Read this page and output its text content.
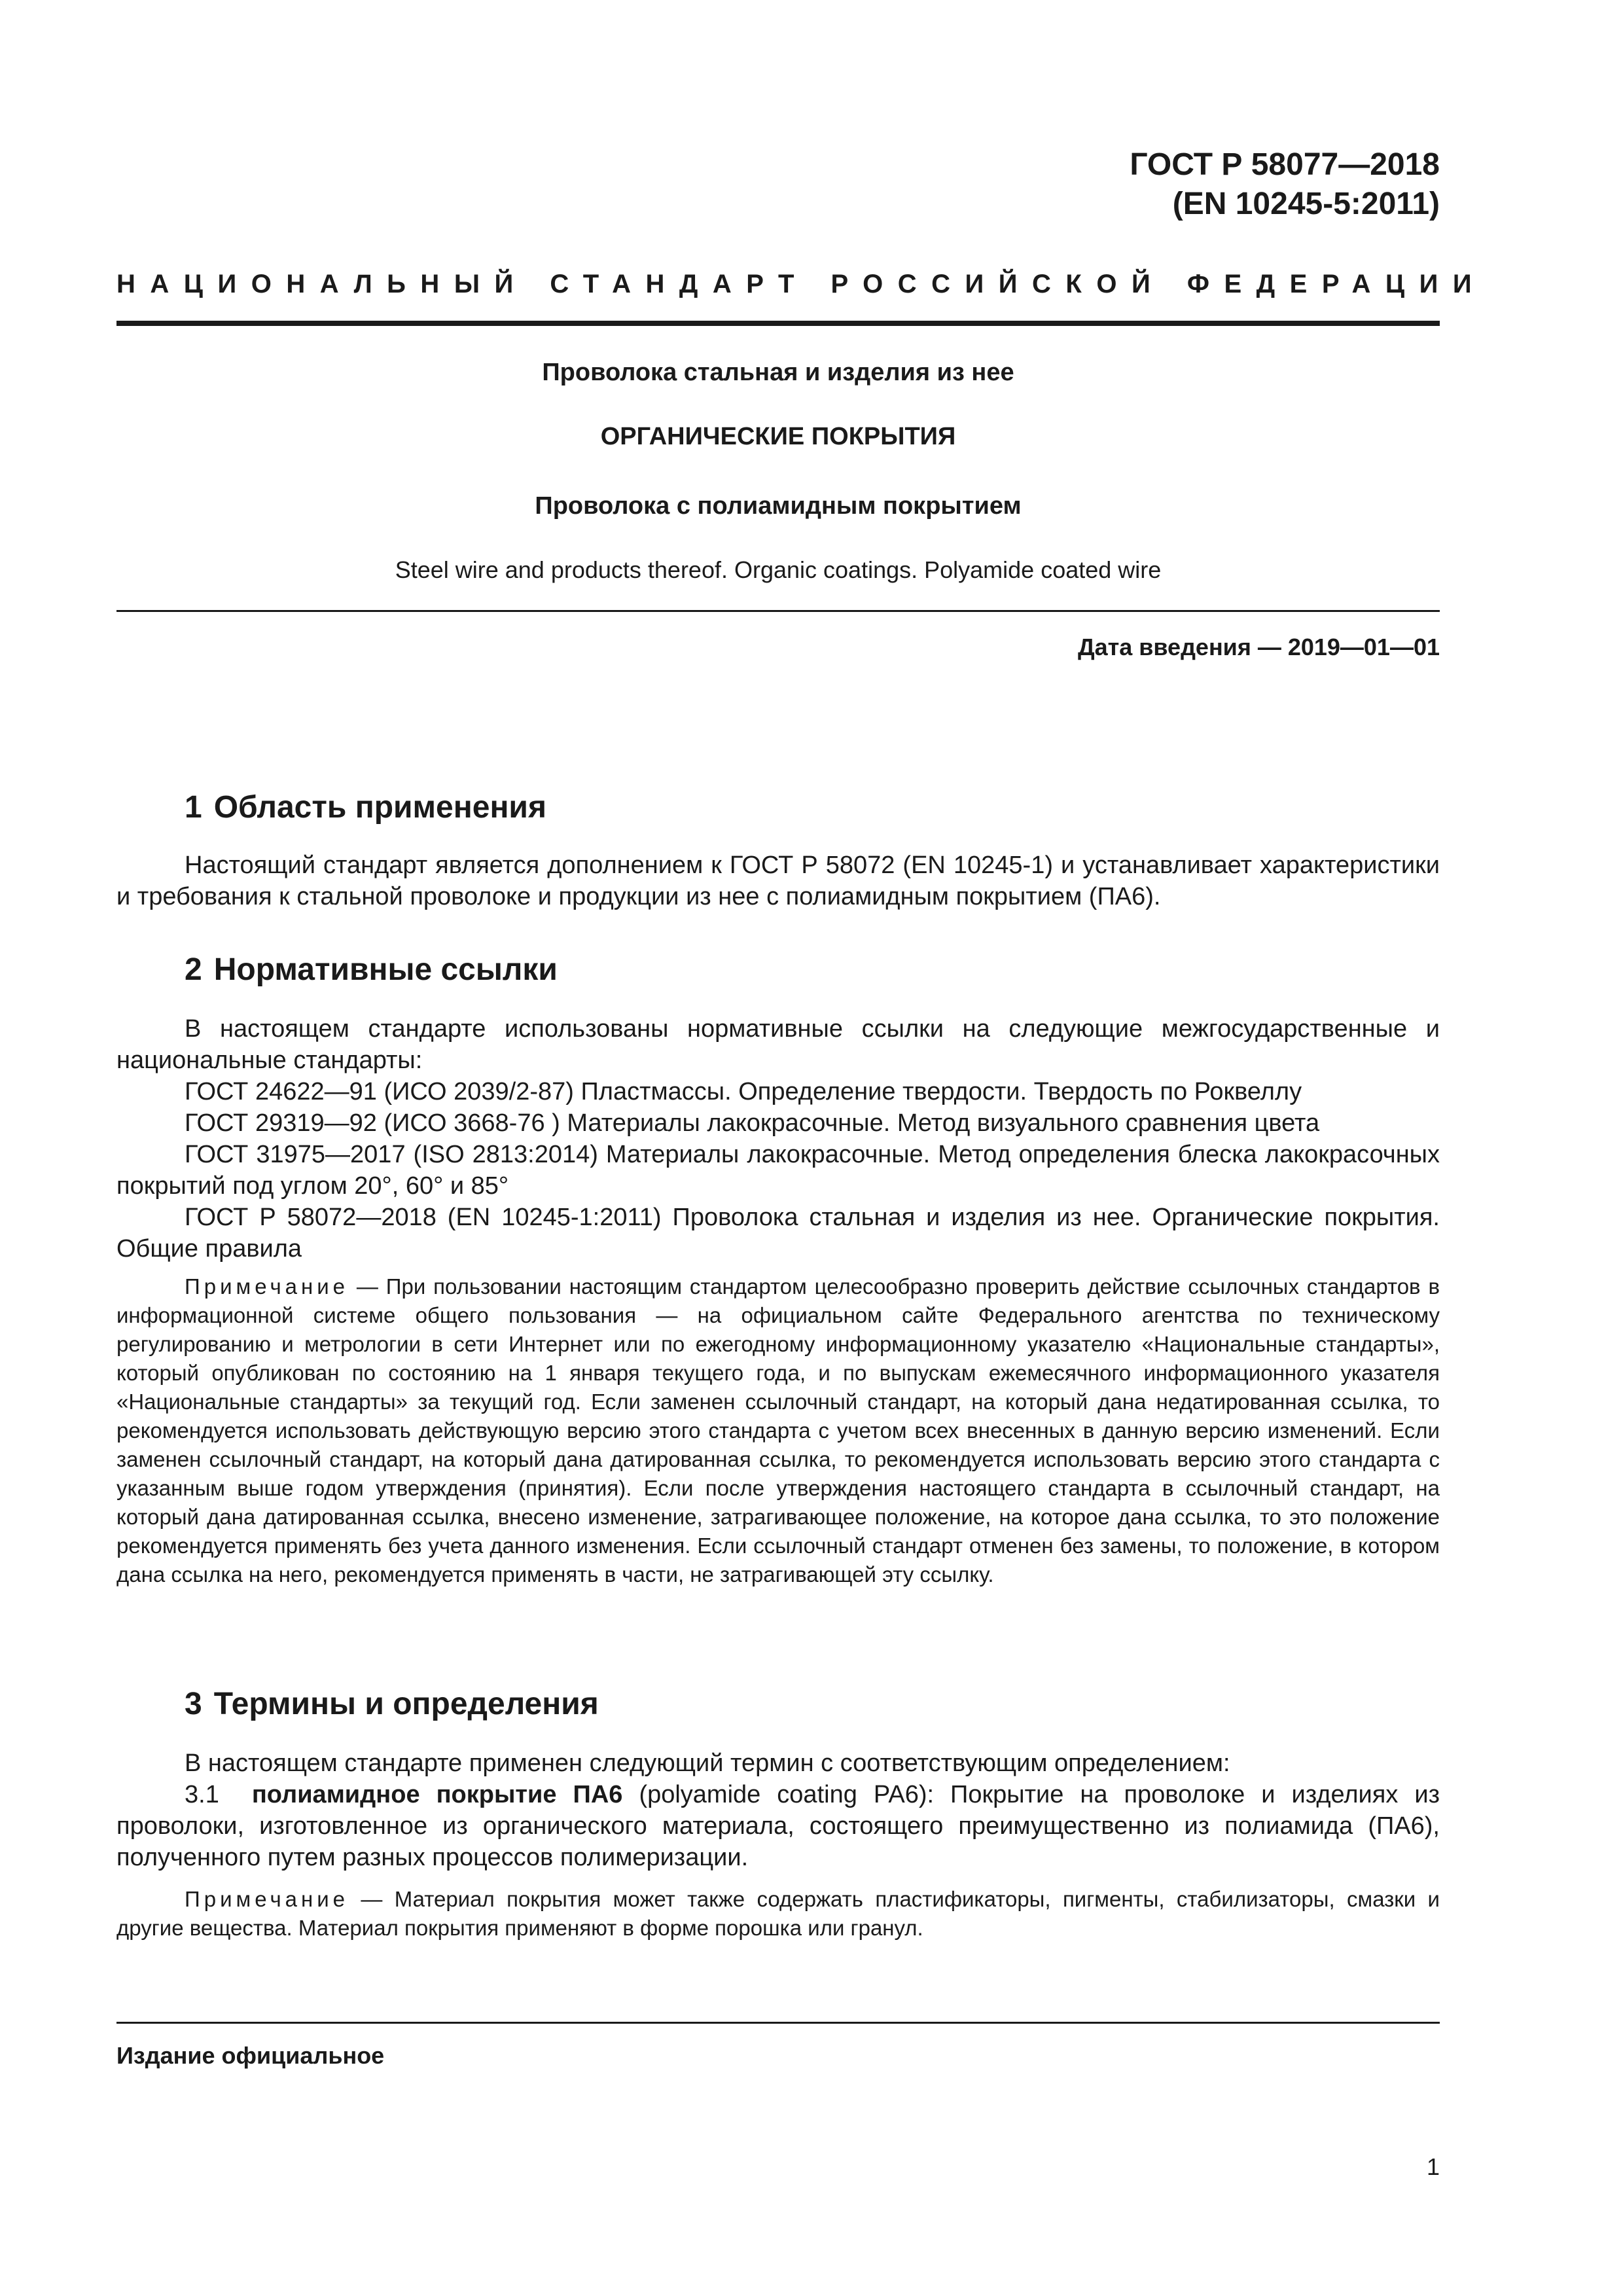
ГОСТ Р 58077—2018
(EN 10245-5:2011)
НАЦИОНАЛЬНЫЙ СТАНДАРТ РОССИЙСКОЙ ФЕДЕРАЦИИ
Проволока стальная и изделия из нее
ОРГАНИЧЕСКИЕ ПОКРЫТИЯ
Проволока с полиамидным покрытием
Steel wire and products thereof. Organic coatings. Polyamide coated wire
Дата введения — 2019—01—01
1 Область применения

Настоящий стандарт является дополнением к ГОСТ Р 58072 (EN 10245-1) и устанавливает характеристики и требования к стальной проволоке и продукции из нее с полиамидным покрытием (ПА6).

2 Нормативные ссылки

В настоящем стандарте использованы нормативные ссылки на следующие межгосударственные и национальные стандарты:

ГОСТ 24622—91 (ИСО 2039/2-87) Пластмассы. Определение твердости. Твердость по Роквеллу

ГОСТ 29319—92 (ИСО 3668-76 ) Материалы лакокрасочные. Метод визуального сравнения цвета

ГОСТ 31975—2017 (ISO 2813:2014) Материалы лакокрасочные. Метод определения блеска лакокрасочных покрытий под углом 20°, 60° и 85°

ГОСТ Р 58072—2018 (EN 10245-1:2011) Проволока стальная и изделия из нее. Органические покрытия. Общие правила

Примечание — При пользовании настоящим стандартом целесообразно проверить действие ссылочных стандартов в информационной системе общего пользования — на официальном сайте Федерального агентства по техническому регулированию и метрологии в сети Интернет или по ежегодному информационному указателю «Национальные стандарты», который опубликован по состоянию на 1 января текущего года, и по выпускам ежемесячного информационного указателя «Национальные стандарты» за текущий год. Если заменен ссылочный стандарт, на который дана недатированная ссылка, то рекомендуется использовать действующую версию этого стандарта с учетом всех внесенных в данную версию изменений. Если заменен ссылочный стандарт, на который дана датированная ссылка, то рекомендуется использовать версию этого стандарта с указанным выше годом утверждения (принятия). Если после утверждения настоящего стандарта в ссылочный стандарт, на который дана датированная ссылка, внесено изменение, затрагивающее положение, на которое дана ссылка, то это положение рекомендуется применять без учета данного изменения. Если ссылочный стандарт отменен без замены, то положение, в котором дана ссылка на него, рекомендуется применять в части, не затрагивающей эту ссылку.

3 Термины и определения

В настоящем стандарте применен следующий термин с соответствующим определением:

3.1 полиамидное покрытие ПА6 (polyamide coating PA6): Покрытие на проволоке и изделиях из проволоки, изготовленное из органического материала, состоящего преимущественно из полиамида (ПА6), полученного путем разных процессов полимеризации.

Примечание — Материал покрытия может также содержать пластификаторы, пигменты, стабилизаторы, смазки и другие вещества. Материал покрытия применяют в форме порошка или гранул.

Издание официальное
1
